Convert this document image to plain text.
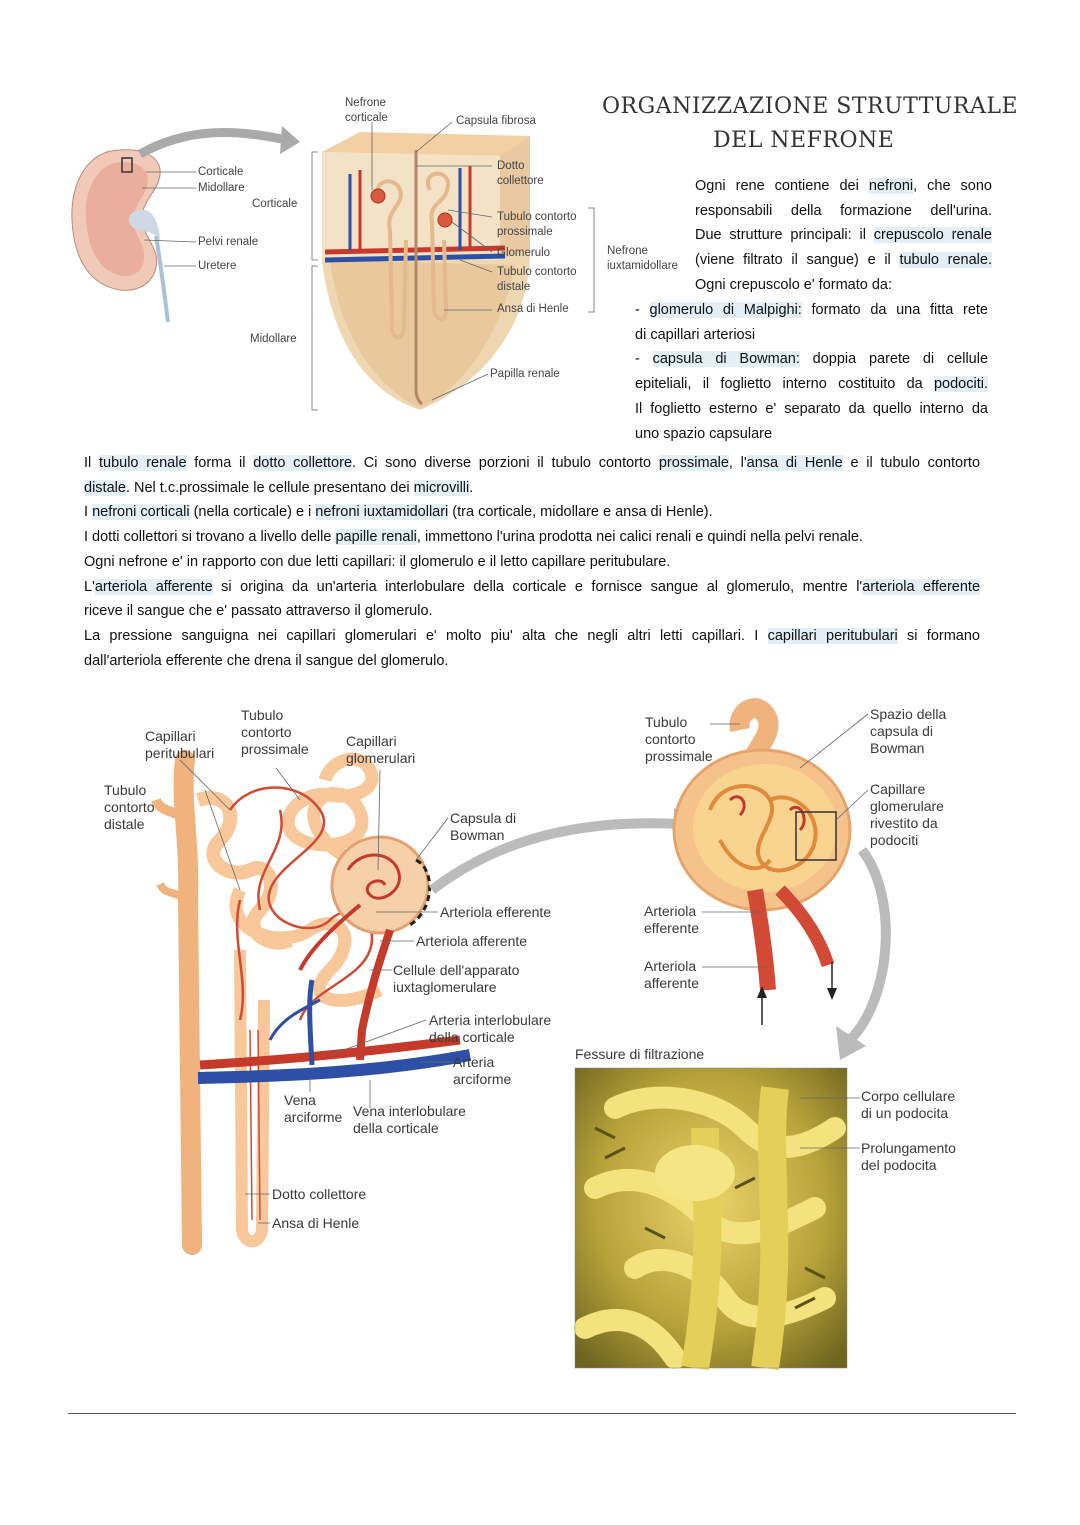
ORGANIZZAZIONE STRUTTURALE
DEL NEFRONE
Nefrone
corticale	Capsula fibrosa
Corticale
Midollare
Pelvi renale
Uretere
Corticale
Midollare
Dotto
collettore
Tubulo contorto
prossimale
Glomerulo
Tubulo contorto
distale
Ansa di Henle
Papilla renale
Nefrone
iuxtamidollare
Ogni rene contiene dei nefroni, che sono
responsabili della formazione dell'urina.
Due strutture principali: il crepuscolo renale
(viene filtrato il sangue) e il tubulo renale.
Ogni crepuscolo e' formato da:
- glomerulo di Malpighi: formato da una fitta rete
di capillari arteriosi
- capsula di Bowman: doppia parete di cellule
epiteliali, il foglietto interno costituito da podociti.
Il foglietto esterno e' separato da quello interno da
uno spazio capsulare
Il tubulo renale forma il dotto collettore. Ci sono diverse porzioni il tubulo contorto prossimale, l'ansa di Henle e il tubulo contorto
distale. Nel t.c.prossimale le cellule presentano dei microvilli.
I nefroni corticali (nella corticale) e i nefroni iuxtamidollari (tra corticale, midollare e ansa di Henle).
I dotti collettori si trovano a livello delle papille renali, immettono l'urina prodotta nei calici renali e quindi nella pelvi renale.
Ogni nefrone e' in rapporto con due letti capillari: il glomerulo e il letto capillare peritubulare.
L'arteriola afferente si origina da un'arteria interlobulare della corticale e fornisce sangue al glomerulo, mentre l'arteriola efferente
riceve il sangue che e' passato attraverso il glomerulo.
La pressione sanguigna nei capillari glomerulari e' molto piu' alta che negli altri letti capillari. I capillari peritubulari si formano
dall'arteriola efferente che drena il sangue del glomerulo.
Tubulo
contorto
prossimale
Capillari
peritubulari
Capillari
glomerulari
Tubulo
contorto
distale	Capsula di
Bowman
Arteriola efferente
Arteriola afferente
Cellule dell'apparato
iuxtaglomerulare
Arteria interlobulare
della corticale
Arteria
arciforme
Vena
arciforme Vena interlobulare
della corticale
Dotto collettore
Ansa di Henle
Tubulo
contorto
prossimale
Spazio della
capsula di
Bowman
Capillare
glomerulare
rivestito da
podociti
Arteriola
efferente
Arteriola
afferente
Fessure di filtrazione
Corpo cellulare
di un podocita
Prolungamento
del podocita
